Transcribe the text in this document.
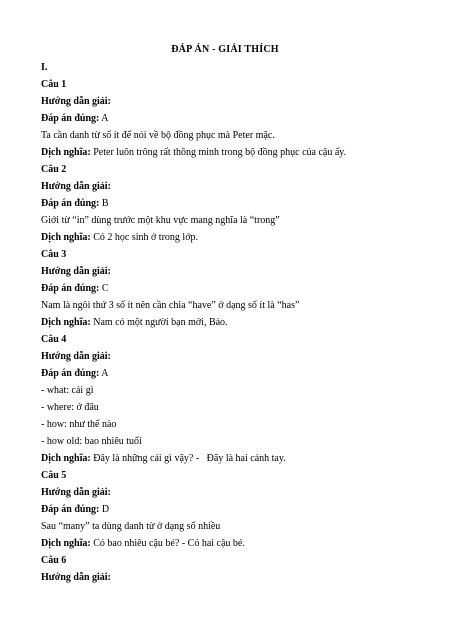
ĐÁP ÁN - GIẢI THÍCH
I.
Câu 1
Hướng dẫn giải:
Đáp án đúng: A
Ta cần danh từ số ít để nói về bộ đồng phục mà Peter mặc.
Dịch nghĩa: Peter luôn trông rất thông minh trong bộ đồng phục của cậu ấy.
Câu 2
Hướng dẫn giải:
Đáp án đúng: B
Giới từ “in” dùng trước một khu vực mang nghĩa là “trong”
Dịch nghĩa: Có 2 học sinh ở trong lớp.
Câu 3
Hướng dẫn giải:
Đáp án đúng: C
Nam là ngôi thứ 3 số ít nên cần chia “have” ở dạng số ít là “has”
Dịch nghĩa: Nam có một người bạn mới, Bảo.
Câu 4
Hướng dẫn giải:
Đáp án đúng: A
- what: cái gì
- where: ở đâu
- how: như thế nào
- how old: bao nhiêu tuổi
Dịch nghĩa: Đây là những cái gì vậy? -   Đây là hai cánh tay.
Câu 5
Hướng dẫn giải:
Đáp án đúng: D
Sau “many” ta dùng danh từ ở dạng số nhiều
Dịch nghĩa: Có bao nhiêu cậu bé? - Có hai cậu bé.
Câu 6
Hướng dẫn giải:
